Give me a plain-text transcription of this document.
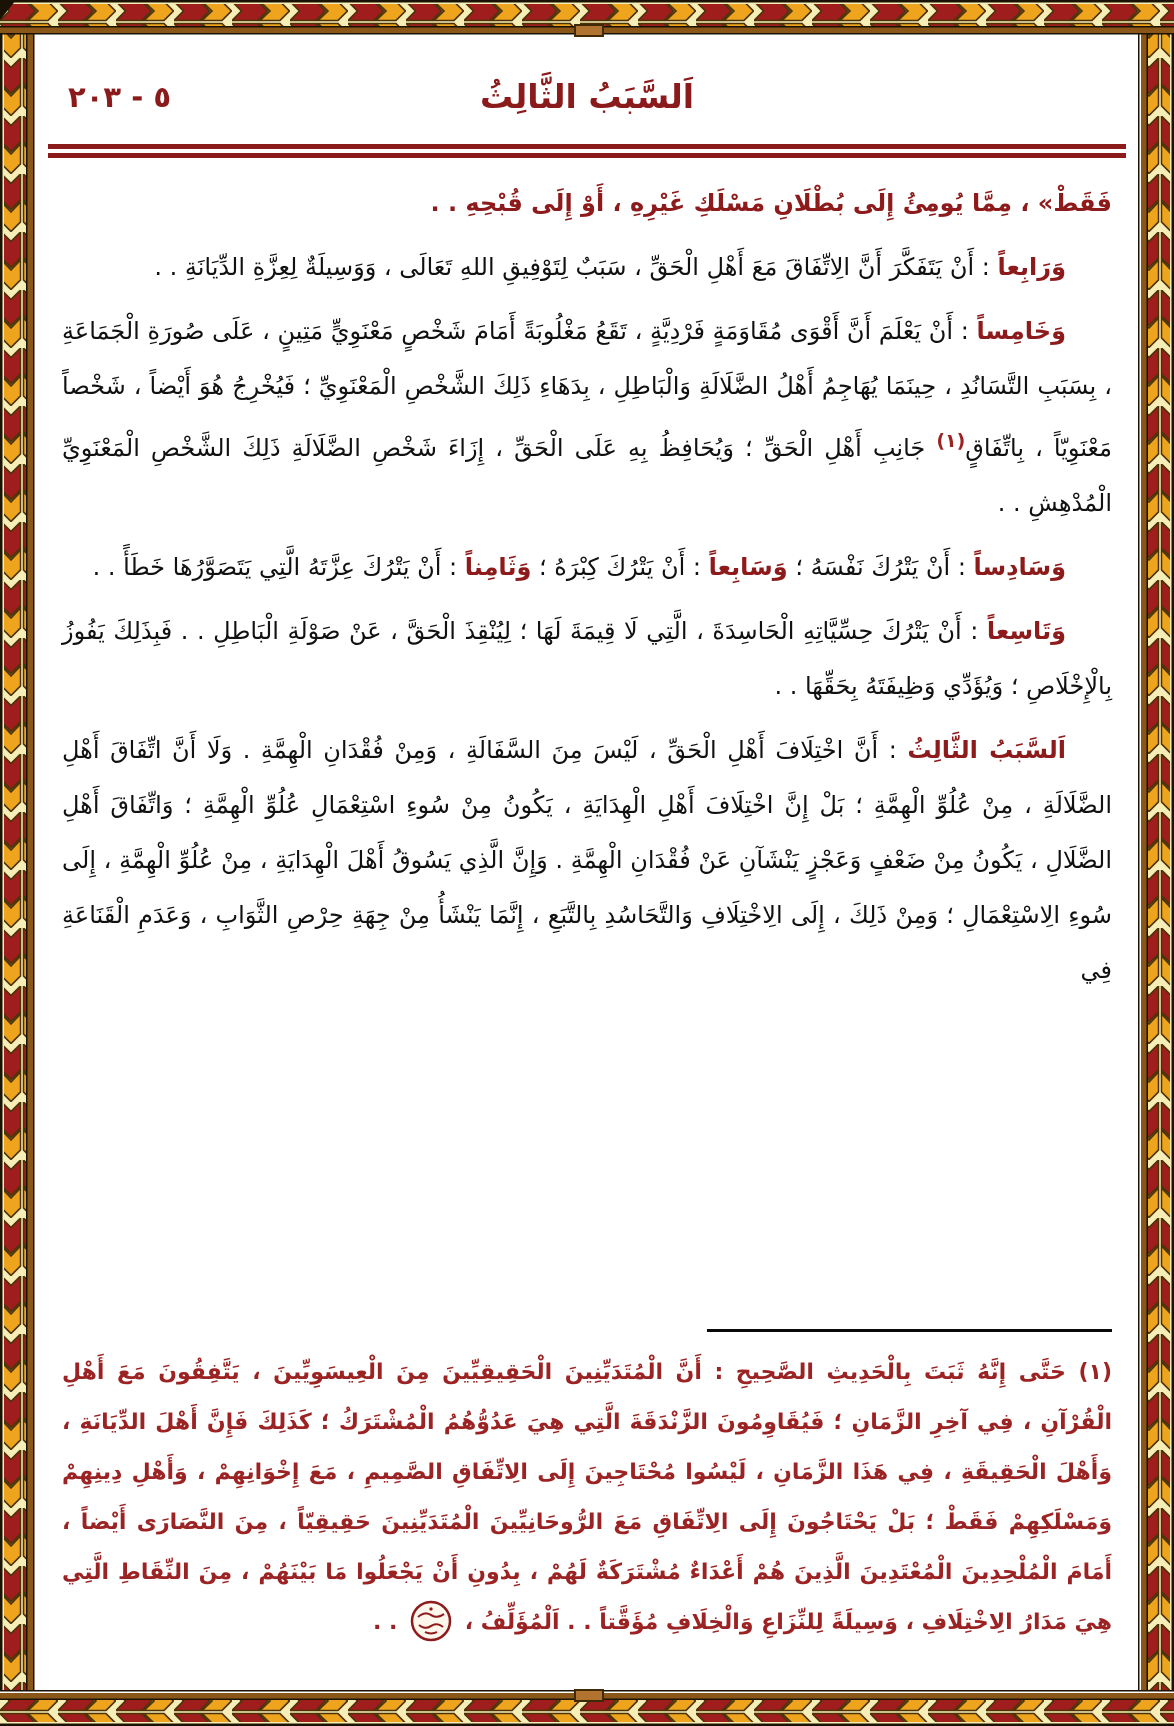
٥ - ٢٠٣	اَلسَّبَبُ الثَّالِثُ

فَقَطْ» ، مِمَّا يُومِئُ إِلَى بُطْلَانِ مَسْلَكِ غَيْرِهِ ، أَوْ إِلَى قُبْحِهِ . .

وَرَابِعاً : أَنْ يَتَفَكَّرَ أَنَّ الِاتِّفَاقَ مَعَ أَهْلِ الْحَقِّ ، سَبَبٌ لِتَوْفِيقِ اللهِ تَعَالَى ، وَوَسِيلَةٌ لِعِزَّةِ الدِّيَانَةِ . .

وَخَامِساً : أَنْ يَعْلَمَ أَنَّ أَقْوَى مُقَاوَمَةٍ فَرْدِيَّةٍ ، تَقَعُ مَغْلُوبَةً أَمَامَ شَخْصٍ مَعْنَوِيٍّ مَتِينٍ ، عَلَى صُورَةِ الْجَمَاعَةِ ، بِسَبَبِ التَّسَانُدِ ، حِينَمَا يُهَاجِمُ أَهْلُ الضَّلَالَةِ وَالْبَاطِلِ ، بِدَهَاءِ ذَلِكَ الشَّخْصِ الْمَعْنَوِيِّ ؛ فَيُخْرِجُ هُوَ أَيْضاً ، شَخْصاً مَعْنَوِيّاً ، بِاتِّفَاقٍ$^{(١)}$ جَانِبِ أَهْلِ الْحَقِّ ؛ وَيُحَافِظُ بِهِ عَلَى الْحَقِّ ، إِزَاءَ شَخْصِ الضَّلَالَةِ ذَلِكَ الشَّخْصِ الْمَعْنَوِيِّ الْمُدْهِشِ . .

وَسَادِساً : أَنْ يَتْرُكَ نَفْسَهُ ؛ وَسَابِعاً : أَنْ يَتْرُكَ كِبْرَهُ ؛ وَثَامِناً : أَنْ يَتْرُكَ عِزَّتَهُ الَّتِي يَتَصَوَّرُهَا خَطَأً . .

وَتَاسِعاً : أَنْ يَتْرُكَ حِسِّيَّاتِهِ الْحَاسِدَةَ ، الَّتِي لَا قِيمَةَ لَهَا ؛ لِيُنْقِذَ الْحَقَّ ، عَنْ صَوْلَةِ الْبَاطِلِ . . فَبِذَلِكَ يَفُوزُ بِالْإِخْلَاصِ ؛ وَيُؤَدِّي وَظِيفَتَهُ بِحَقِّهَا . .

اَلسَّبَبُ الثَّالِثُ : أَنَّ اخْتِلَافَ أَهْلِ الْحَقِّ ، لَيْسَ مِنَ السَّفَالَةِ ، وَمِنْ فُقْدَانِ الْهِمَّةِ . وَلَا أَنَّ اتِّفَاقَ أَهْلِ الضَّلَالَةِ ، مِنْ عُلُوِّ الْهِمَّةِ ؛ بَلْ إِنَّ اخْتِلَافَ أَهْلِ الْهِدَايَةِ ، يَكُونُ مِنْ سُوءِ اسْتِعْمَالِ عُلُوِّ الْهِمَّةِ ؛ وَاتِّفَاقَ أَهْلِ الضَّلَالِ ، يَكُونُ مِنْ ضَعْفٍ وَعَجْزٍ يَنْشَآنِ عَنْ فُقْدَانِ الْهِمَّةِ . وَإِنَّ الَّذِي يَسُوقُ أَهْلَ الْهِدَايَةِ ، مِنْ عُلُوِّ الْهِمَّةِ ، إِلَى سُوءِ الِاسْتِعْمَالِ ؛ وَمِنْ ذَلِكَ ، إِلَى الِاخْتِلَافِ وَالتَّحَاسُدِ بِالتَّبَعِ ، إِنَّمَا يَنْشَأُ مِنْ جِهَةِ حِرْصِ الثَّوَابِ ، وَعَدَمِ الْقَنَاعَةِ فِي

(١) حَتَّى إِنَّهُ ثَبَتَ بِالْحَدِيثِ الصَّحِيحِ : أَنَّ الْمُتَدَيِّنِينَ الْحَقِيقِيِّينَ مِنَ الْعِيسَوِيِّينَ ، يَتَّفِقُونَ مَعَ أَهْلِ الْقُرْآنِ ، فِي آخِرِ الزَّمَانِ ؛ فَيُقَاوِمُونَ الزَّنْدَقَةَ الَّتِي هِيَ عَدُوُّهُمُ الْمُشْتَرَكُ ؛ كَذَلِكَ فَإِنَّ أَهْلَ الدِّيَانَةِ ، وَأَهْلَ الْحَقِيقَةِ ، فِي هَذَا الزَّمَانِ ، لَيْسُوا مُحْتَاجِينَ إِلَى الِاتِّفَاقِ الصَّمِيمِ ، مَعَ إِخْوَانِهِمْ ، وَأَهْلِ دِينِهِمْ وَمَسْلَكِهِمْ فَقَطْ ؛ بَلْ يَحْتَاجُونَ إِلَى الِاتِّفَاقِ مَعَ الرُّوحَانِيِّينَ الْمُتَدَيِّنِينَ حَقِيقِيّاً ، مِنَ النَّصَارَى أَيْضاً ، أَمَامَ الْمُلْحِدِينَ الْمُعْتَدِينَ الَّذِينَ هُمْ أَعْدَاءٌ مُشْتَرَكَةٌ لَهُمْ ، بِدُونِ أَنْ يَجْعَلُوا مَا بَيْنَهُمْ ، مِنَ النِّقَاطِ الَّتِي هِيَ مَدَارُ الِاخْتِلَافِ ، وَسِيلَةً لِلنِّزَاعِ وَالْخِلَافِ مُؤَقَّتاً . . اَلْمُؤَلِّفُ ،  . .
